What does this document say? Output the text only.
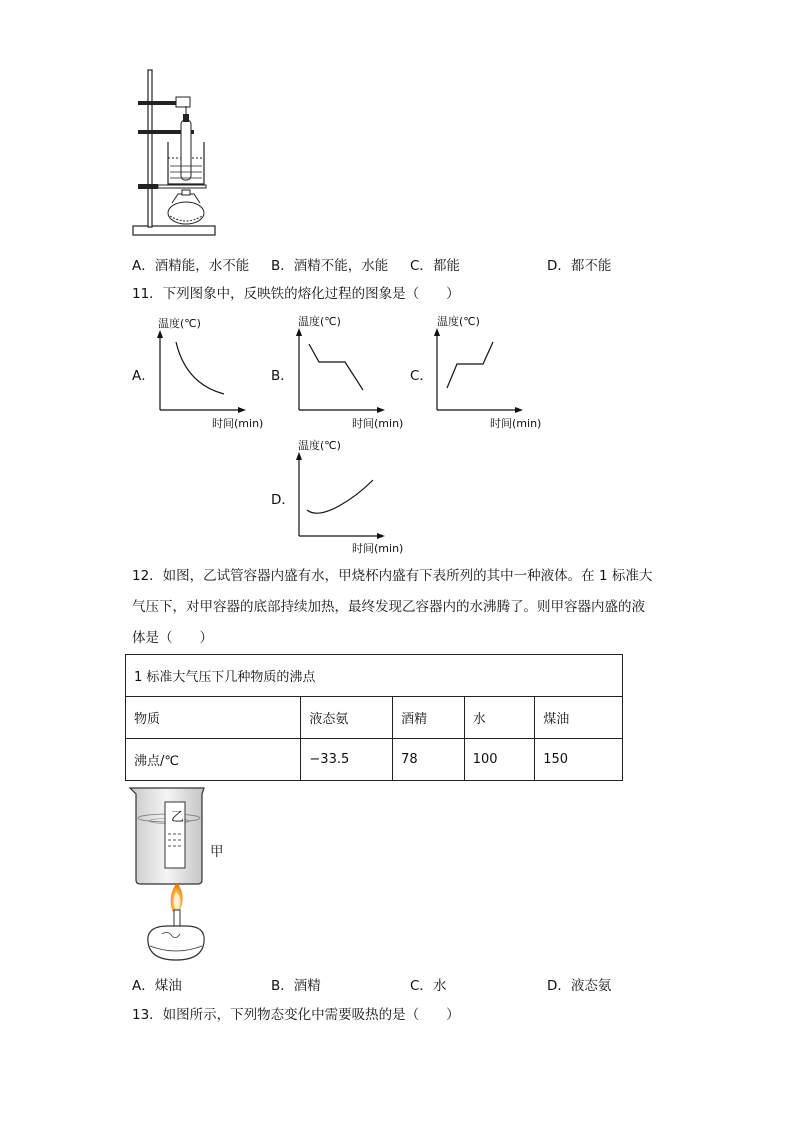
A．酒精能，水不能 B．酒精不能，水能 C．都能	D．都不能
11．下列图象中，反映铁的熔化过程的图象是（　　）
A．
温度(℃)
时间(min)
B．
温度(℃)
时间(min)
C．
温度(℃)
时间(min)
D．
温度(℃)
时间(min)
12．如图，乙试管容器内盛有水，甲烧杯内盛有下表所列的其中一种液体。在 1 标准大
气压下，对甲容器的底部持续加热，最终发现乙容器内的水沸腾了。则甲容器内盛的液
体是（　　）
1 标准大气压下几种物质的沸点				
物质	液态氨	酒精	水	煤油
沸点/℃	−33.5	78	100	150
乙
甲
A．煤油	B．酒精	C．水	D．液态氨
13．如图所示，下列物态变化中需要吸热的是（　　）
